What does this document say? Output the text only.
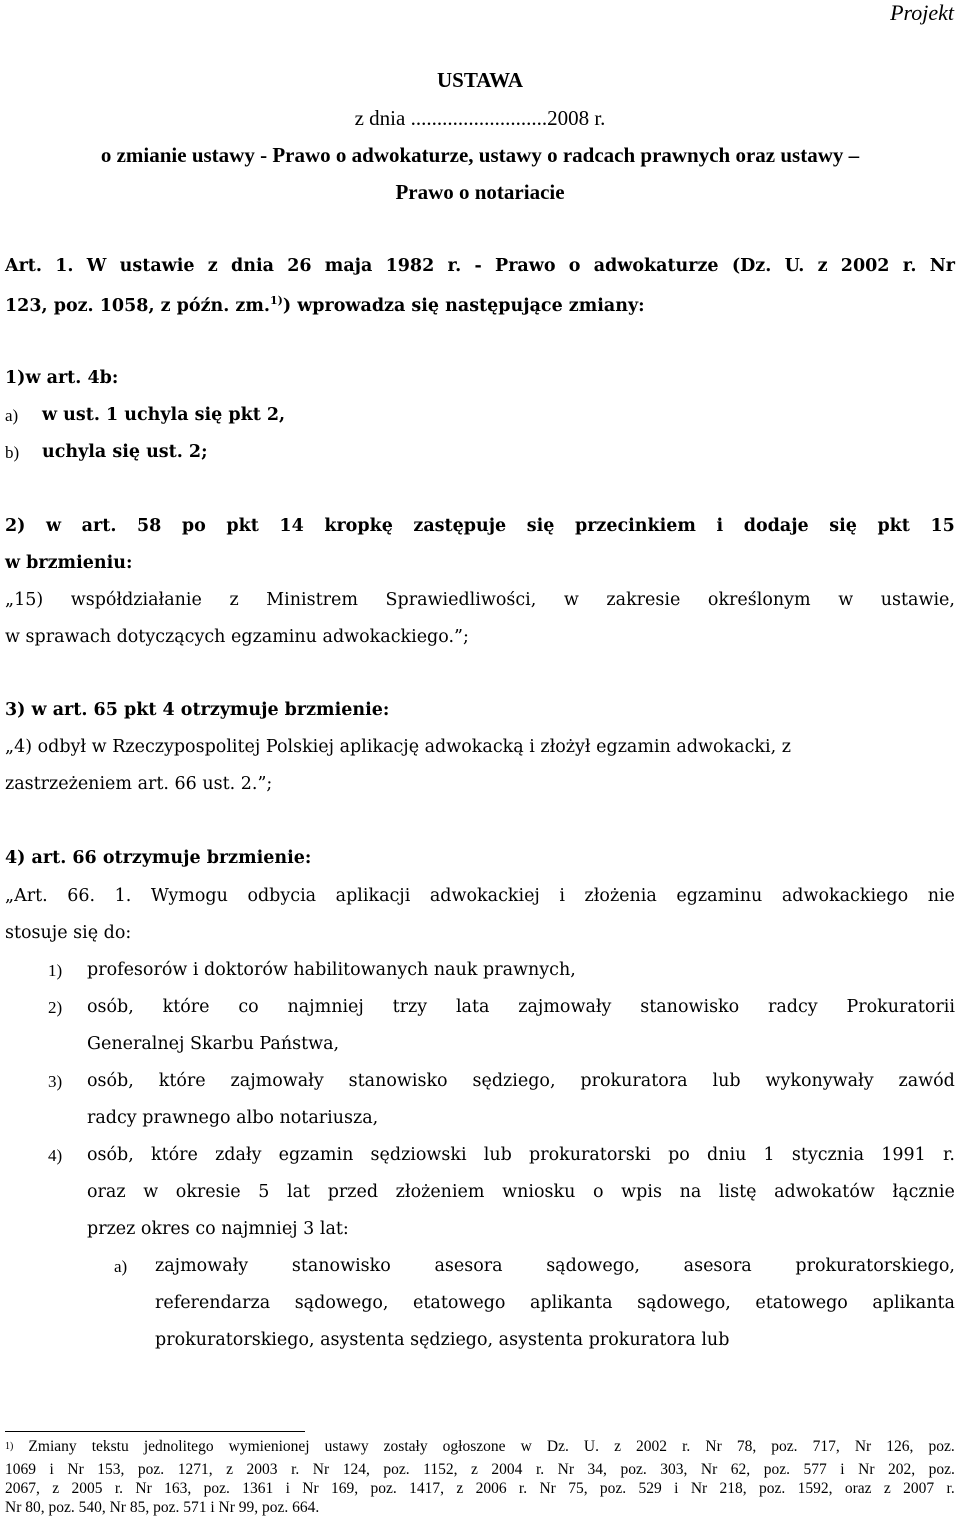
Projekt
USTAWA
z dnia ..........................2008 r.
o zmianie ustawy - Prawo o adwokaturze, ustawy o radcach prawnych oraz ustawy –
Prawo o notariacie
Art. 1. W ustawie z dnia 26 maja 1982 r. - Prawo o adwokaturze (Dz. U. z 2002 r. Nr
123, poz. 1058, z późn. zm.$^{1)}$) wprowadza się następujące zmiany:
1)w art. 4b:
a) w ust. 1 uchyla się pkt 2,
b) uchyla się ust. 2;
2) w art. 58 po pkt 14 kropkę zastępuje się przecinkiem i dodaje się pkt 15
w brzmieniu:
„15) współdziałanie z Ministrem Sprawiedliwości, w zakresie określonym w ustawie,
w sprawach dotyczących egzaminu adwokackiego.”;
3) w art. 65 pkt 4 otrzymuje brzmienie:
„4) odbył w Rzeczypospolitej Polskiej aplikację adwokacką i złożył egzamin adwokacki, z
zastrzeżeniem art. 66 ust. 2.”;
4) art. 66 otrzymuje brzmienie:
„Art. 66. 1. Wymogu odbycia aplikacji adwokackiej i złożenia egzaminu adwokackiego nie
stosuje się do:
1) profesorów i doktorów habilitowanych nauk prawnych,
2) osób, które co najmniej trzy lata zajmowały stanowisko radcy Prokuratorii
Generalnej Skarbu Państwa,
3) osób, które zajmowały stanowisko sędziego, prokuratora lub wykonywały zawód
radcy prawnego albo notariusza,
4) osób, które zdały egzamin sędziowski lub prokuratorski po dniu 1 stycznia 1991 r.
oraz w okresie 5 lat przed złożeniem wniosku o wpis na listę adwokatów łącznie
przez okres co najmniej 3 lat:
a) zajmowały stanowisko asesora sądowego, asesora prokuratorskiego,
referendarza sądowego, etatowego aplikanta sądowego, etatowego aplikanta
prokuratorskiego, asystenta sędziego, asystenta prokuratora lub
$^{1)}$ Zmiany tekstu jednolitego wymienionej ustawy zostały ogłoszone w Dz. U. z 2002 r. Nr 78, poz. 717, Nr 126, poz.
1069 i Nr 153, poz. 1271, z 2003 r. Nr 124, poz. 1152, z 2004 r. Nr 34, poz. 303, Nr 62, poz. 577 i Nr 202, poz.
2067, z 2005 r. Nr 163, poz. 1361 i Nr 169, poz. 1417, z 2006 r. Nr 75, poz. 529 i Nr 218, poz. 1592, oraz z 2007 r.
Nr 80, poz. 540, Nr 85, poz. 571 i Nr 99, poz. 664.
